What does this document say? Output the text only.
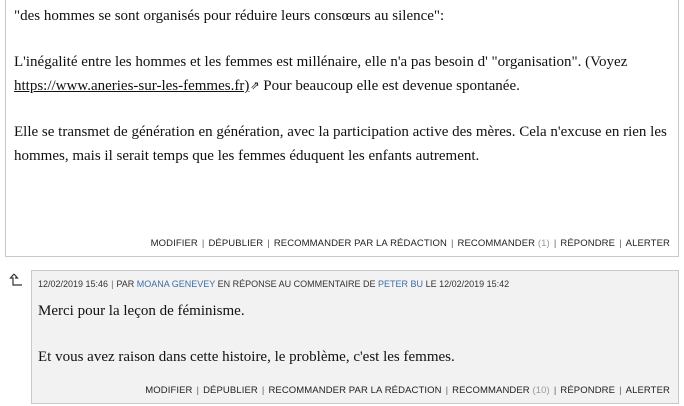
"des hommes se sont organisés pour réduire leurs consœurs au silence":

L'inégalité entre les hommes et les femmes est millénaire, elle n'a pas besoin d' "organisation". (Voyez https://www.aneries-sur-les-femmes.fr)⇗ Pour beaucoup elle est devenue spontanée.

Elle se transmet de génération en génération, avec la participation active des mères. Cela n'excuse en rien les hommes, mais il serait temps que les femmes éduquent les enfants autrement.

MODIFIER | DÉPUBLIER | RECOMMANDER PAR LA RÉDACTION | RECOMMANDER (1) | RÉPONDRE | ALERTER
12/02/2019 15:46 | PAR MOANA GENEVEY EN RÉPONSE AU COMMENTAIRE DE PETER BU LE 12/02/2019 15:42

Merci pour la leçon de féminisme.

Et vous avez raison dans cette histoire, le problème, c'est les femmes.

MODIFIER | DÉPUBLIER | RECOMMANDER PAR LA RÉDACTION | RECOMMANDER (10) | RÉPONDRE | ALERTER
